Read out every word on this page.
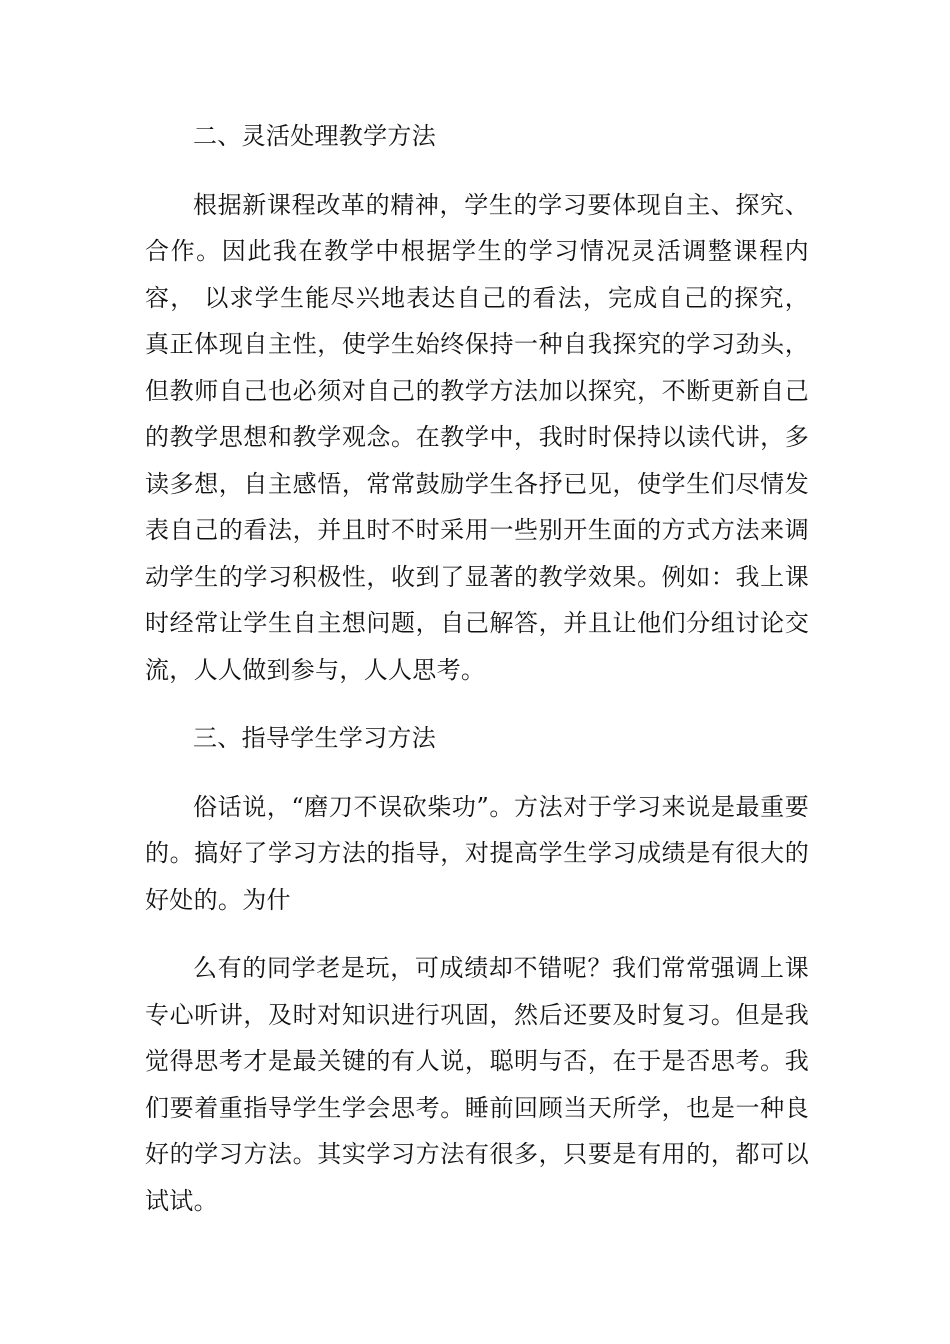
二、灵活处理教学方法

根据新课程改革的精神，学生的学习要体现自主、探究、合作。因此我在教学中根据学生的学习情况灵活调整课程内容， 以求学生能尽兴地表达自己的看法，完成自己的探究，真正体现自主性，使学生始终保持一种自我探究的学习劲头，但教师自己也必须对自己的教学方法加以探究，不断更新自己的教学思想和教学观念。在教学中，我时时保持以读代讲，多读多想，自主感悟，常常鼓励学生各抒已见，使学生们尽情发表自己的看法，并且时不时采用一些别开生面的方式方法来调动学生的学习积极性，收到了显著的教学效果。例如：我上课时经常让学生自主想问题，自己解答，并且让他们分组讨论交流，人人做到参与，人人思考。

三、指导学生学习方法

俗话说，“磨刀不误砍柴功”。方法对于学习来说是最重要的。搞好了学习方法的指导，对提高学生学习成绩是有很大的好处的。为什

么有的同学老是玩，可成绩却不错呢？我们常常强调上课专心听讲，及时对知识进行巩固，然后还要及时复习。但是我觉得思考才是最关键的有人说，聪明与否，在于是否思考。我们要着重指导学生学会思考。睡前回顾当天所学，也是一种良好的学习方法。其实学习方法有很多，只要是有用的，都可以试试。
